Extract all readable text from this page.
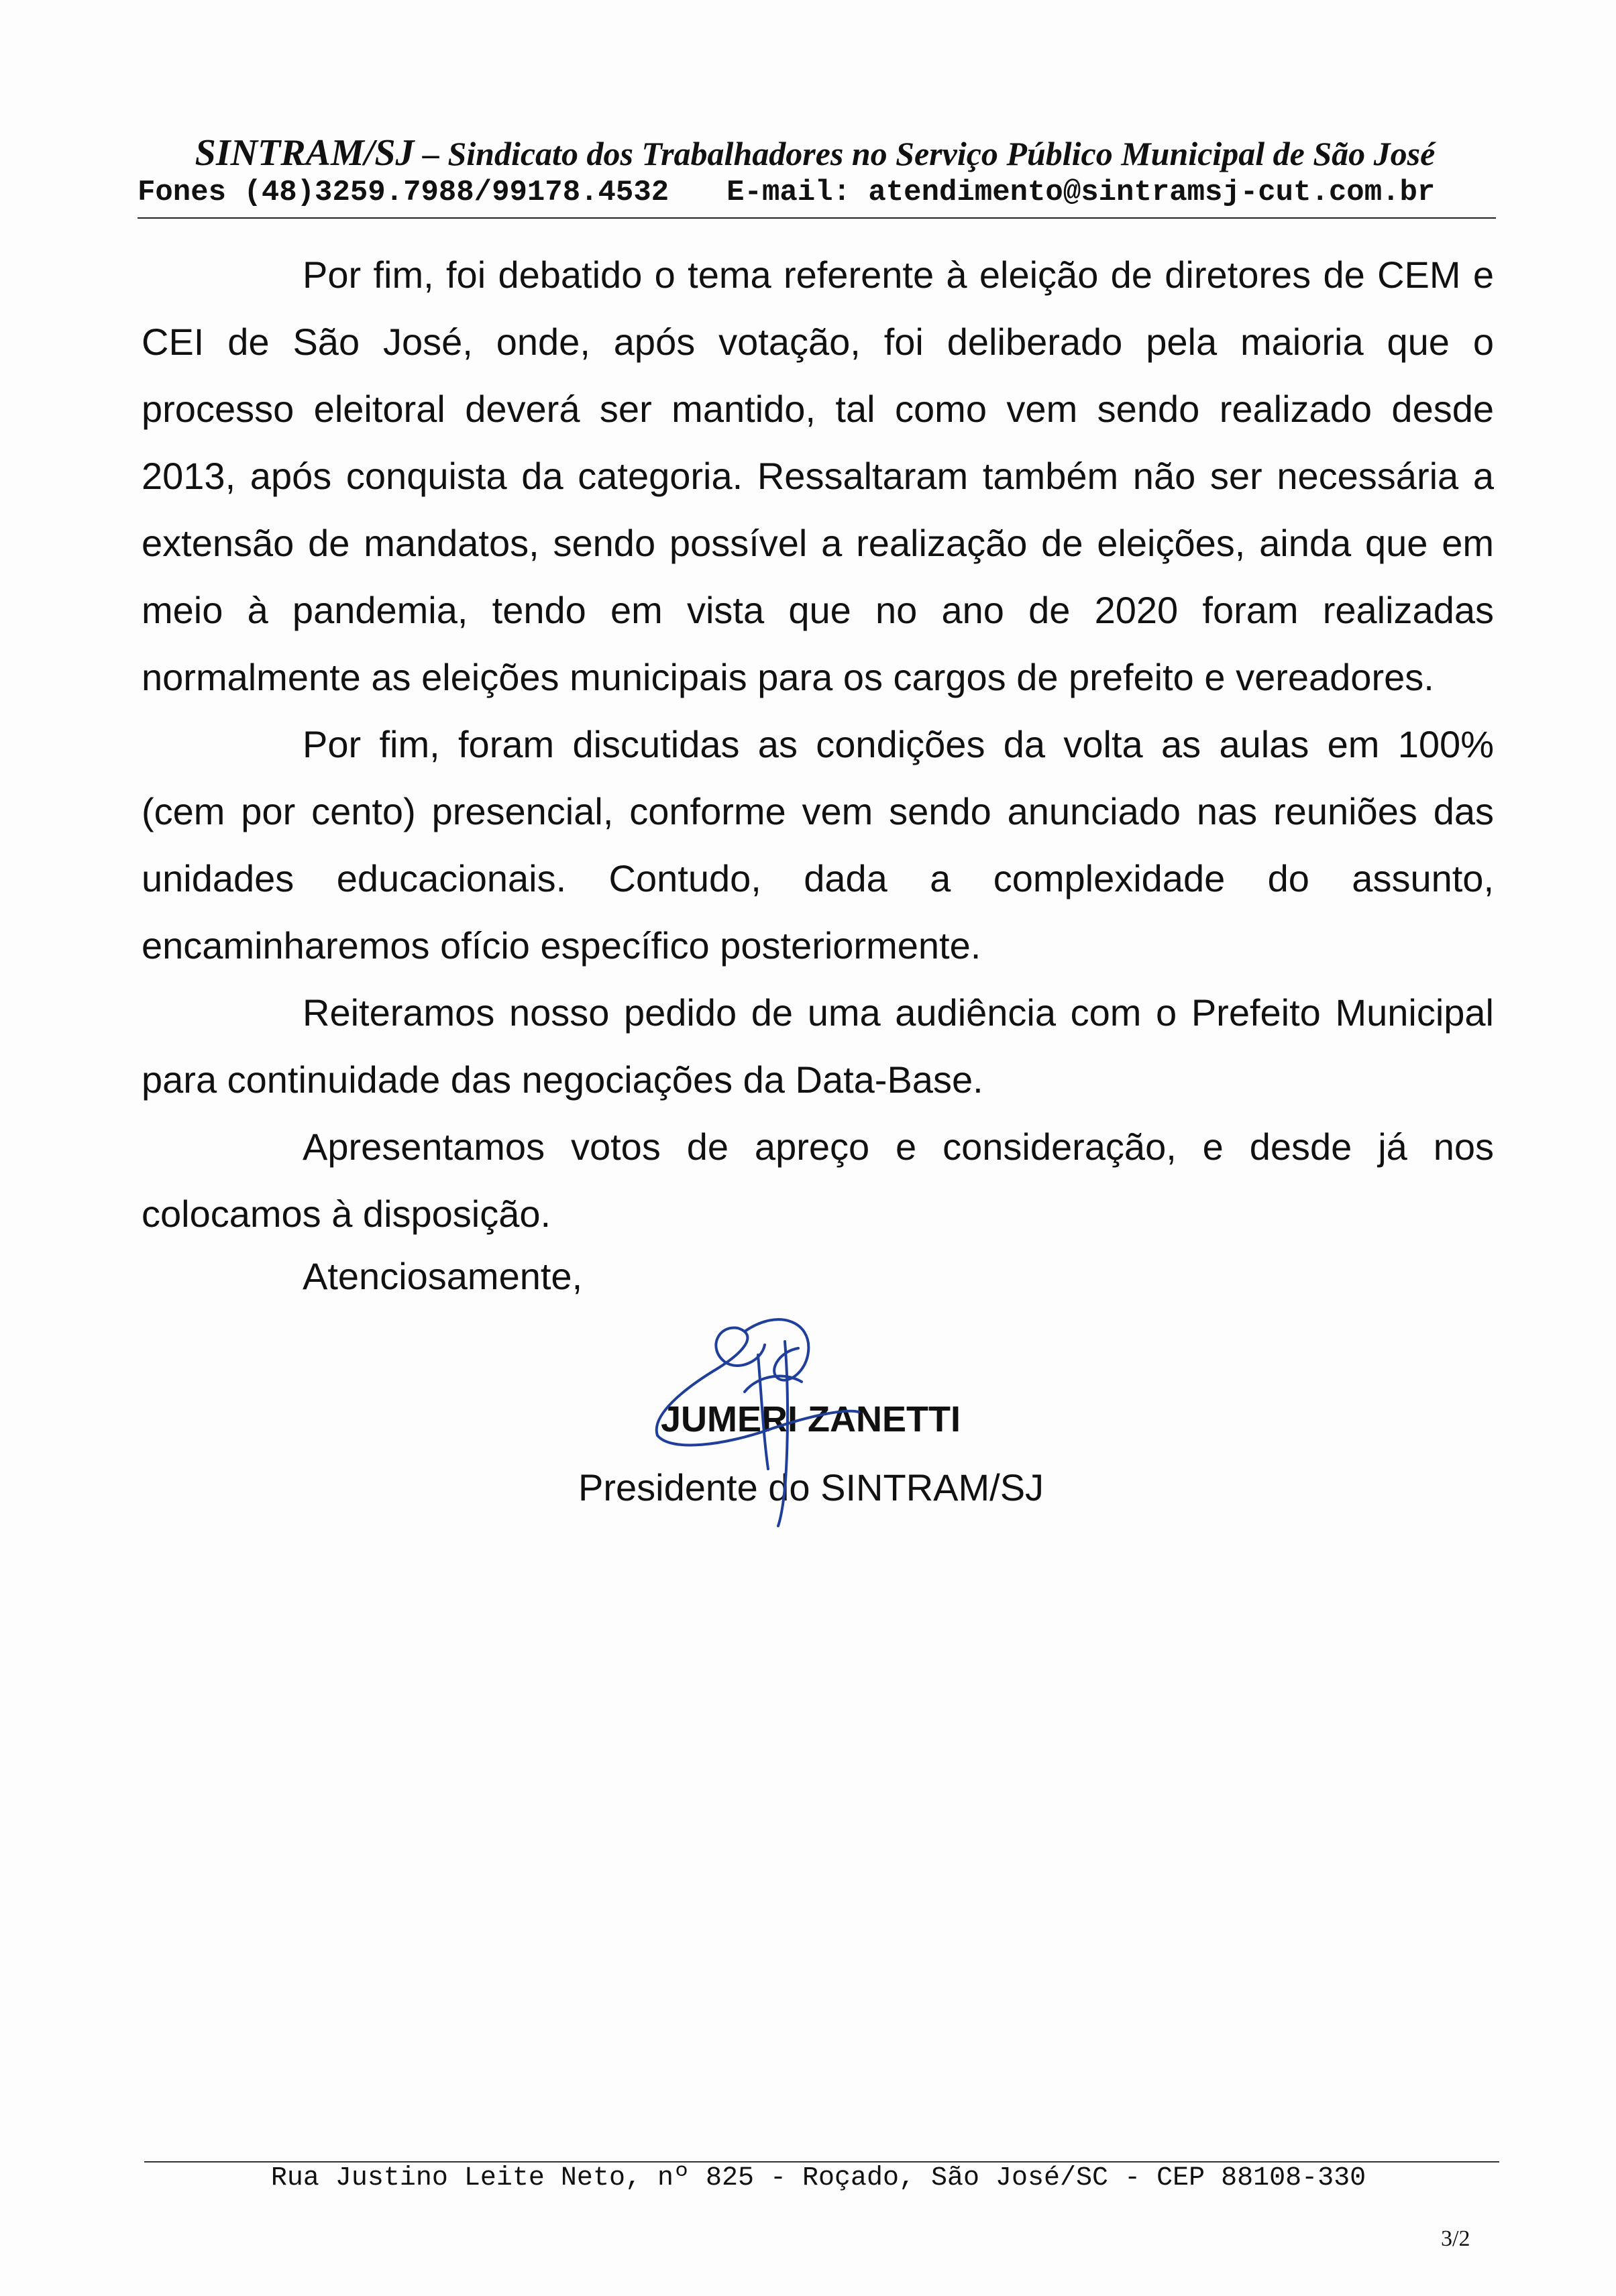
SINTRAM/SJ – Sindicato dos Trabalhadores no Serviço Público Municipal de São José
Fones (48)3259.7988/99178.4532 E-mail: atendimento@sintramsj-cut.com.br

Por fim, foi debatido o tema referente à eleição de diretores de CEM e CEI de São José, onde, após votação, foi deliberado pela maioria que o processo eleitoral deverá ser mantido, tal como vem sendo realizado desde 2013, após conquista da categoria. Ressaltaram também não ser necessária a extensão de mandatos, sendo possível a realização de eleições, ainda que em meio à pandemia, tendo em vista que no ano de 2020 foram realizadas normalmente as eleições municipais para os cargos de prefeito e vereadores.

Por fim, foram discutidas as condições da volta as aulas em 100% (cem por cento) presencial, conforme vem sendo anunciado nas reuniões das unidades educacionais. Contudo, dada a complexidade do assunto, encaminharemos ofício específico posteriormente.

Reiteramos nosso pedido de uma audiência com o Prefeito Municipal para continuidade das negociações da Data-Base.

Apresentamos votos de apreço e consideração, e desde já nos colocamos à disposição.

Atenciosamente,
JUMERI ZANETTI
Presidente do SINTRAM/SJ
Rua Justino Leite Neto, nº 825 - Roçado, São José/SC - CEP 88108-330
3/2
